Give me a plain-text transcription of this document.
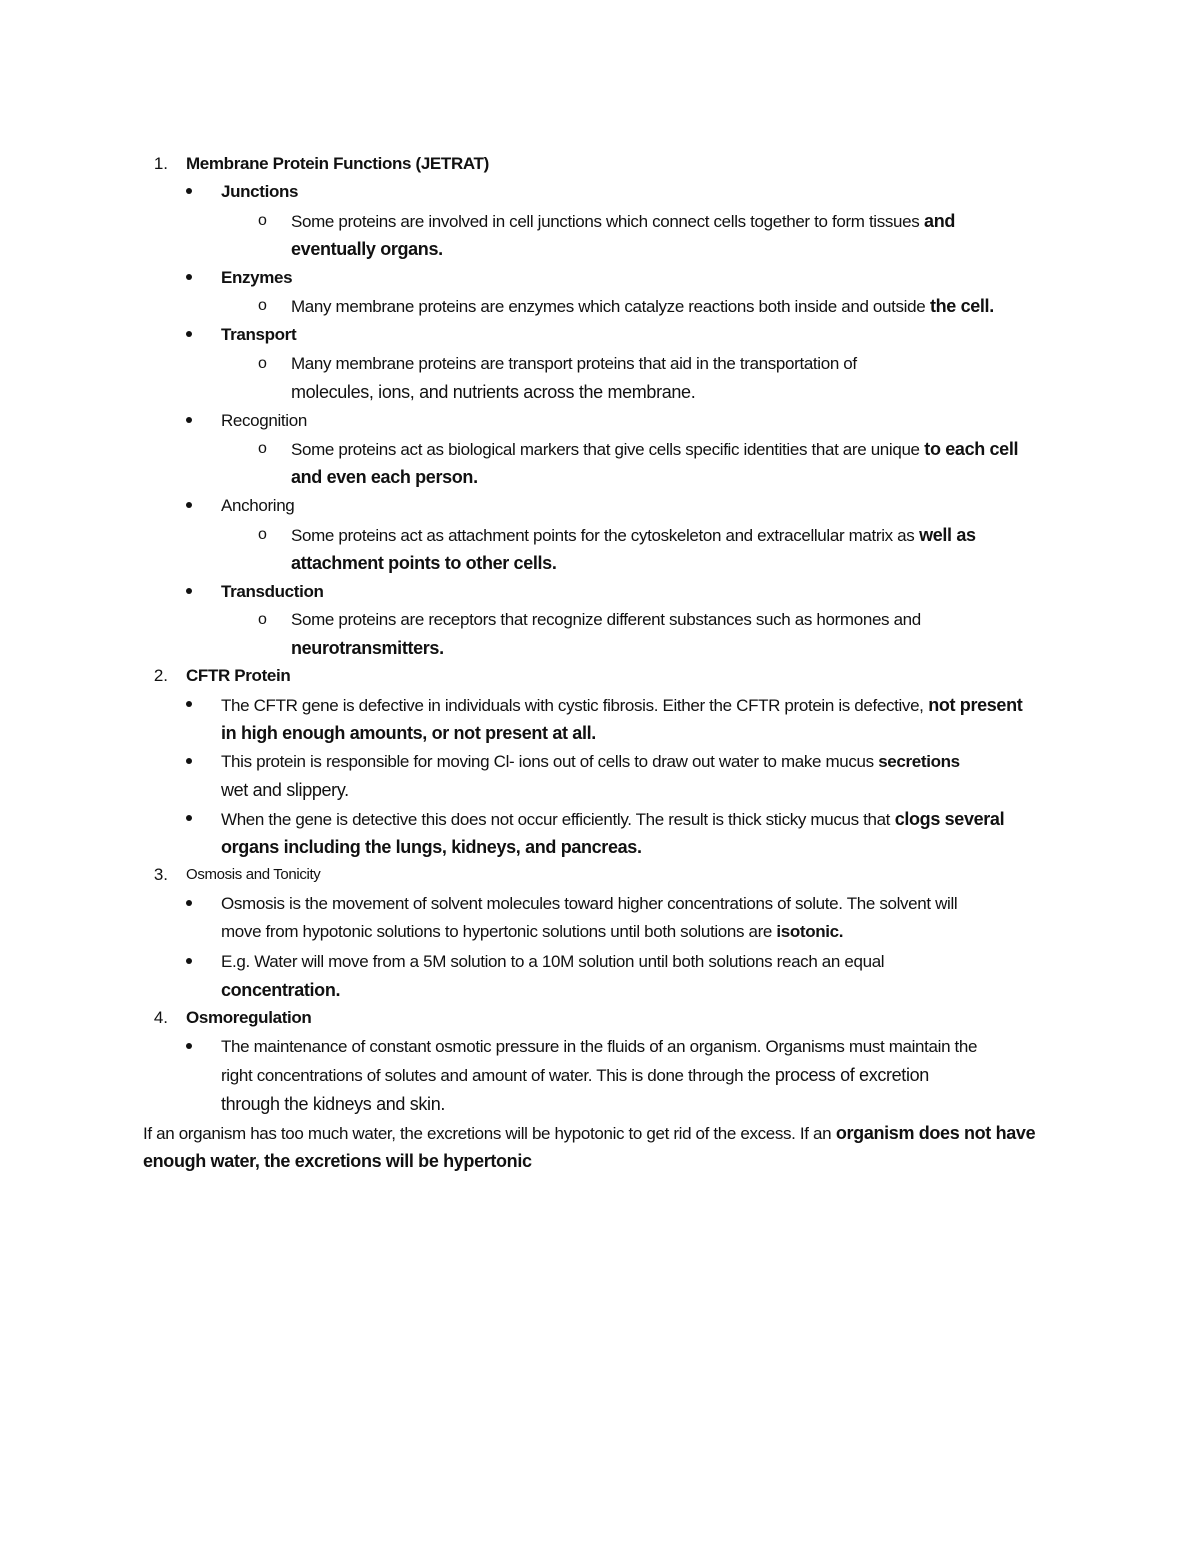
1. Membrane Protein Functions (JETRAT)
Junctions
o Some proteins are involved in cell junctions which connect cells together to form tissues and
eventually organs.
Enzymes
o Many membrane proteins are enzymes which catalyze reactions both inside and outside the cell.
Transport
o Many membrane proteins are transport proteins that aid in the transportation of
molecules, ions, and nutrients across the membrane.
Recognition
o Some proteins act as biological markers that give cells specific identities that are unique to each cell
and even each person.
Anchoring
o Some proteins act as attachment points for the cytoskeleton and extracellular matrix as well as
attachment points to other cells.
Transduction
o Some proteins are receptors that recognize different substances such as hormones and
neurotransmitters.
2. CFTR Protein
The CFTR gene is defective in individuals with cystic fibrosis. Either the CFTR protein is defective, not present
in high enough amounts, or not present at all.
This protein is responsible for moving Cl- ions out of cells to draw out water to make mucus secretions
wet and slippery.
When the gene is detective this does not occur efficiently. The result is thick sticky mucus that clogs several
organs including the lungs, kidneys, and pancreas.
3. Osmosis and Tonicity
Osmosis is the movement of solvent molecules toward higher concentrations of solute. The solvent will
move from hypotonic solutions to hypertonic solutions until both solutions are isotonic.
E.g. Water will move from a 5M solution to a 10M solution until both solutions reach an equal
concentration.
4. Osmoregulation
The maintenance of constant osmotic pressure in the fluids of an organism. Organisms must maintain the
right concentrations of solutes and amount of water. This is done through the process of excretion
through the kidneys and skin.
If an organism has too much water, the excretions will be hypotonic to get rid of the excess. If an organism does not have
enough water, the excretions will be hypertonic
